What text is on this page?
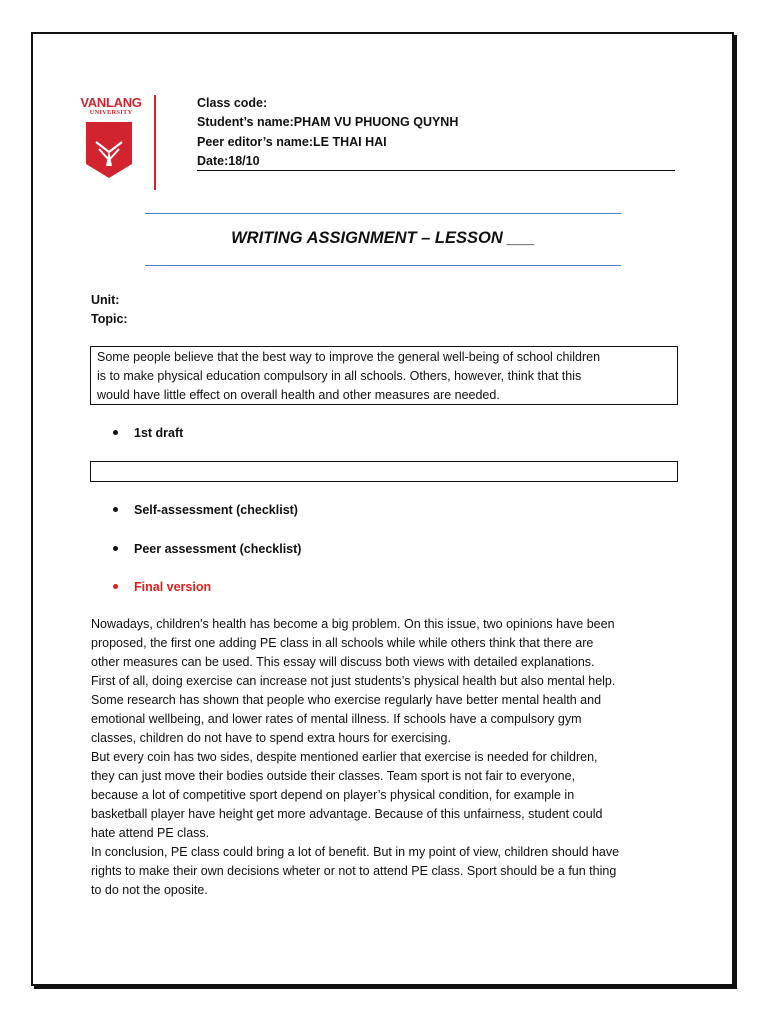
VANLANG
UNIVERSITY
Class code:
Student’s name:PHAM VU PHUONG QUYNH
Peer editor’s name:LE THAI HAI
Date:18/10
WRITING ASSIGNMENT – LESSON ___
Unit:
Topic:
Some people believe that the best way to improve the general well-being of school children
is to make physical education compulsory in all schools. Others, however, think that this
would have little effect on overall health and other measures are needed.
1st draft
Self-assessment (checklist)
Peer assessment (checklist)
Final version
Nowadays, children's health has become a big problem. On this issue, two opinions have been
proposed, the first one adding PE class in all schools while while others think that there are
other measures can be used. This essay will discuss both views with detailed explanations.
First of all, doing exercise can increase not just students’s physical health but also mental help.
Some research has shown that people who exercise regularly have better mental health and
emotional wellbeing, and lower rates of mental illness. If schools have a compulsory gym
classes, children do not have to spend extra hours for exercising.
But every coin has two sides, despite mentioned earlier that exercise is needed for children,
they can just move their bodies outside their classes. Team sport is not fair to everyone,
because a lot of competitive sport depend on player’s physical condition, for example in
basketball player have height get more advantage. Because of this unfairness, student could
hate attend PE class.
In conclusion, PE class could bring a lot of benefit. But in my point of view, children should have
rights to make their own decisions wheter or not to attend PE class. Sport should be a fun thing
to do not the oposite.
